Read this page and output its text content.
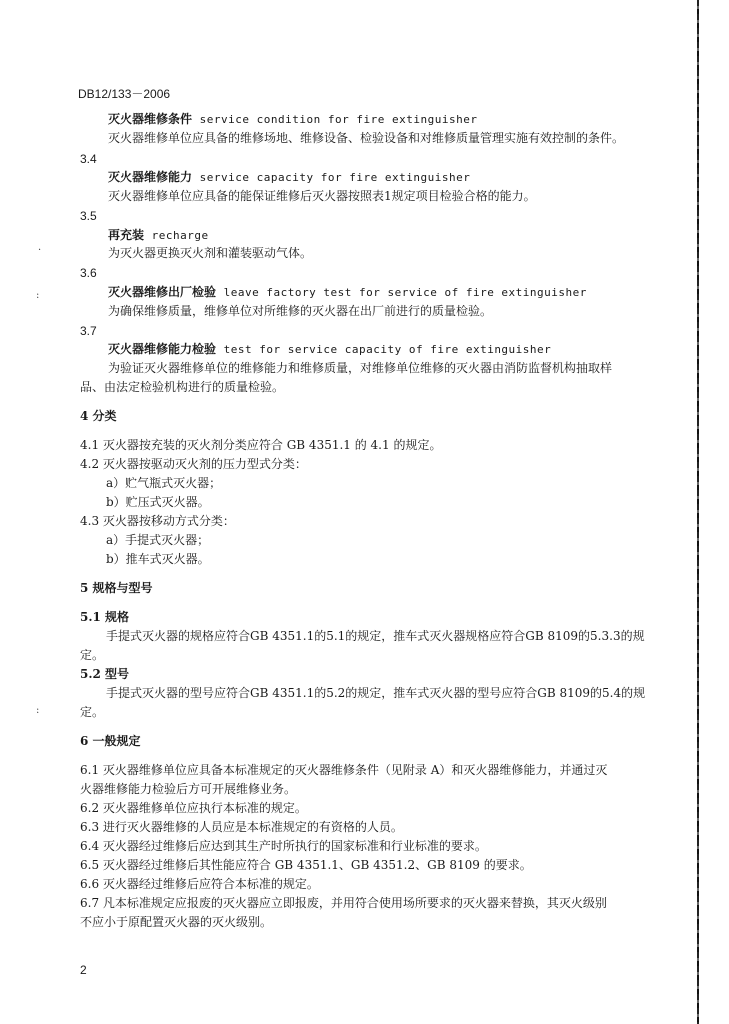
·
:
:
DB12/133－2006
灭火器维修条件 service condition for fire extinguisher
灭火器维修单位应具备的维修场地、维修设备、检验设备和对维修质量管理实施有效控制的条件。
3.4
灭火器维修能力 service capacity for fire extinguisher
灭火器维修单位应具备的能保证维修后灭火器按照表1规定项目检验合格的能力。
3.5
再充装 recharge
为灭火器更换灭火剂和灌装驱动气体。
3.6
灭火器维修出厂检验 leave factory test for service of fire extinguisher
为确保维修质量，维修单位对所维修的灭火器在出厂前进行的质量检验。
3.7
灭火器维修能力检验 test for service capacity of fire extinguisher
为验证灭火器维修单位的维修能力和维修质量，对维修单位维修的灭火器由消防监督机构抽取样
品、由法定检验机构进行的质量检验。
4 分类
4.1 灭火器按充装的灭火剂分类应符合 GB 4351.1 的 4.1 的规定。
4.2 灭火器按驱动灭火剂的压力型式分类：
a）贮气瓶式灭火器；
b）贮压式灭火器。
4.3 灭火器按移动方式分类：
a）手提式灭火器；
b）推车式灭火器。
5 规格与型号
5.1 规格
手提式灭火器的规格应符合GB 4351.1的5.1的规定，推车式灭火器规格应符合GB 8109的5.3.3的规
定。
5.2 型号
手提式灭火器的型号应符合GB 4351.1的5.2的规定，推车式灭火器的型号应符合GB 8109的5.4的规
定。
6 一般规定
6.1 灭火器维修单位应具备本标准规定的灭火器维修条件（见附录 A）和灭火器维修能力，并通过灭
火器维修能力检验后方可开展维修业务。
6.2 灭火器维修单位应执行本标准的规定。
6.3 进行灭火器维修的人员应是本标准规定的有资格的人员。
6.4 灭火器经过维修后应达到其生产时所执行的国家标准和行业标准的要求。
6.5 灭火器经过维修后其性能应符合 GB 4351.1、GB 4351.2、GB 8109 的要求。
6.6 灭火器经过维修后应符合本标准的规定。
6.7 凡本标准规定应报废的灭火器应立即报废，并用符合使用场所要求的灭火器来替换，其灭火级别
不应小于原配置灭火器的灭火级别。
2
